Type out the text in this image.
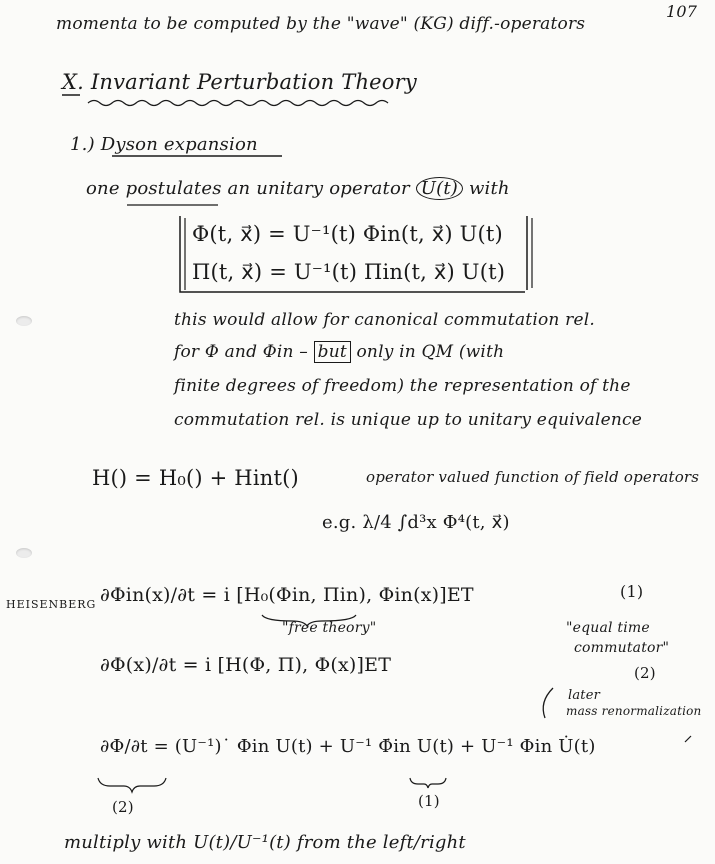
107
momenta to be computed by the "wave" (KG) diff.-operators
X. Invariant Perturbation Theory
1.) Dyson expansion
one postulates an unitary operator U(t) with
Φ(t, x⃗) = U⁻¹(t) Φin(t, x⃗) U(t)
Π(t, x⃗) = U⁻¹(t) Πin(t, x⃗) U(t)
this would allow for canonical commutation rel.
for Φ and Φin – but only in QM (with
finite degrees of freedom) the representation of the
commutation rel. is unique up to unitary equivalence
H() = H₀() + Hint()	operator valued function of field operators
e.g. λ/4 ∫d³x Φ⁴(t, x⃗)
HEISENBERG ∂Φin(x)/∂t = i [H₀(Φin, Πin), Φin(x)]ET	(1)
"free theory"	"equal time
commutator"
∂Φ(x)/∂t = i [H(Φ, Π), Φ(x)]ET	(2)
later
mass renormalization
∂Φ/∂t = (U⁻¹)˙ Φin U(t) + U⁻¹ Φ̇in U(t) + U⁻¹ Φin U̇(t)
(2)	(1)
multiply with U(t)/U⁻¹(t) from the left/right
